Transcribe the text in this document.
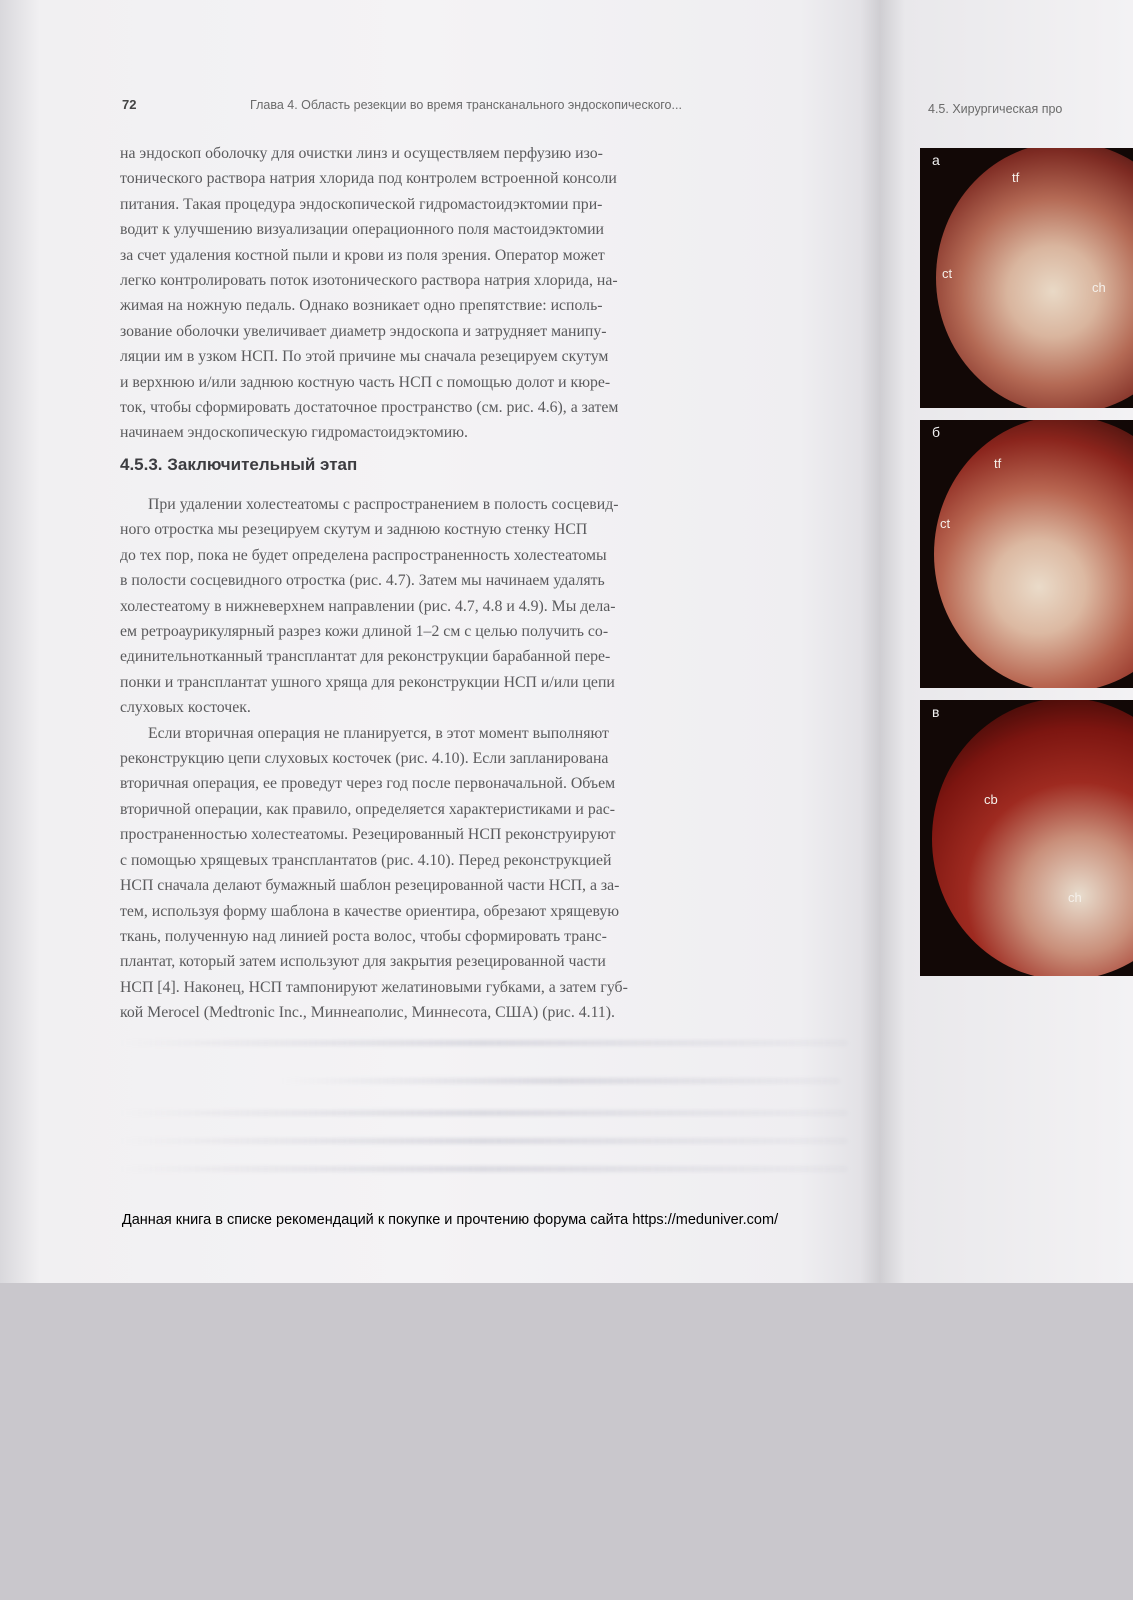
72	Глава 4. Область резекции во время трансканального эндоскопического...

на эндоскоп оболочку для очистки линз и осуществляем перфузию изо-

тонического раствора натрия хлорида под контролем встроенной консоли

питания. Такая процедура эндоскопической гидромастоидэктомии при-

водит к улучшению визуализации операционного поля мастоидэктомии

за счет удаления костной пыли и крови из поля зрения. Оператор может

легко контролировать поток изотонического раствора натрия хлорида, на-

жимая на ножную педаль. Однако возникает одно препятствие: исполь-

зование оболочки увеличивает диаметр эндоскопа и затрудняет манипу-

ляции им в узком НСП. По этой причине мы сначала резецируем скутум

и верхнюю и/или заднюю костную часть НСП с помощью долот и кюре-

ток, чтобы сформировать достаточное пространство (см. рис. 4.6), а затем

начинаем эндоскопическую гидромастоидэктомию.

4.5.3. Заключительный этап

При удалении холестеатомы с распространением в полость сосцевид-

ного отростка мы резецируем скутум и заднюю костную стенку НСП

до тех пор, пока не будет определена распространенность холестеатомы

в полости сосцевидного отростка (рис. 4.7). Затем мы начинаем удалять

холестеатому в нижневерхнем направлении (рис. 4.7, 4.8 и 4.9). Мы дела-

ем ретроаурикулярный разрез кожи длиной 1–2 см с целью получить со-

единительнотканный трансплантат для реконструкции барабанной пере-

понки и трансплантат ушного хряща для реконструкции НСП и/или цепи

слуховых косточек.

Если вторичная операция не планируется, в этот момент выполняют

реконструкцию цепи слуховых косточек (рис. 4.10). Если запланирована

вторичная операция, ее проведут через год после первоначальной. Объем

вторичной операции, как правило, определяется характеристиками и рас-

пространенностью холестеатомы. Резецированный НСП реконструируют

с помощью хрящевых трансплантатов (рис. 4.10). Перед реконструкцией

НСП сначала делают бумажный шаблон резецированной части НСП, а за-

тем, используя форму шаблона в качестве ориентира, обрезают хрящевую

ткань, полученную над линией роста волос, чтобы сформировать транс-

плантат, который затем используют для закрытия резецированной части

НСП [4]. Наконец, НСП тампонируют желатиновыми губками, а затем губ-

кой Merocel (Medtronic Inc., Миннеаполис, Миннесота, США) (рис. 4.11).

4.5. Хирургическая про
а
tf
ct
ch
б
tf
ct
в
cb
ch
Данная книга в списке рекомендаций к покупке и прочтению форума сайта https://meduniver.com/
